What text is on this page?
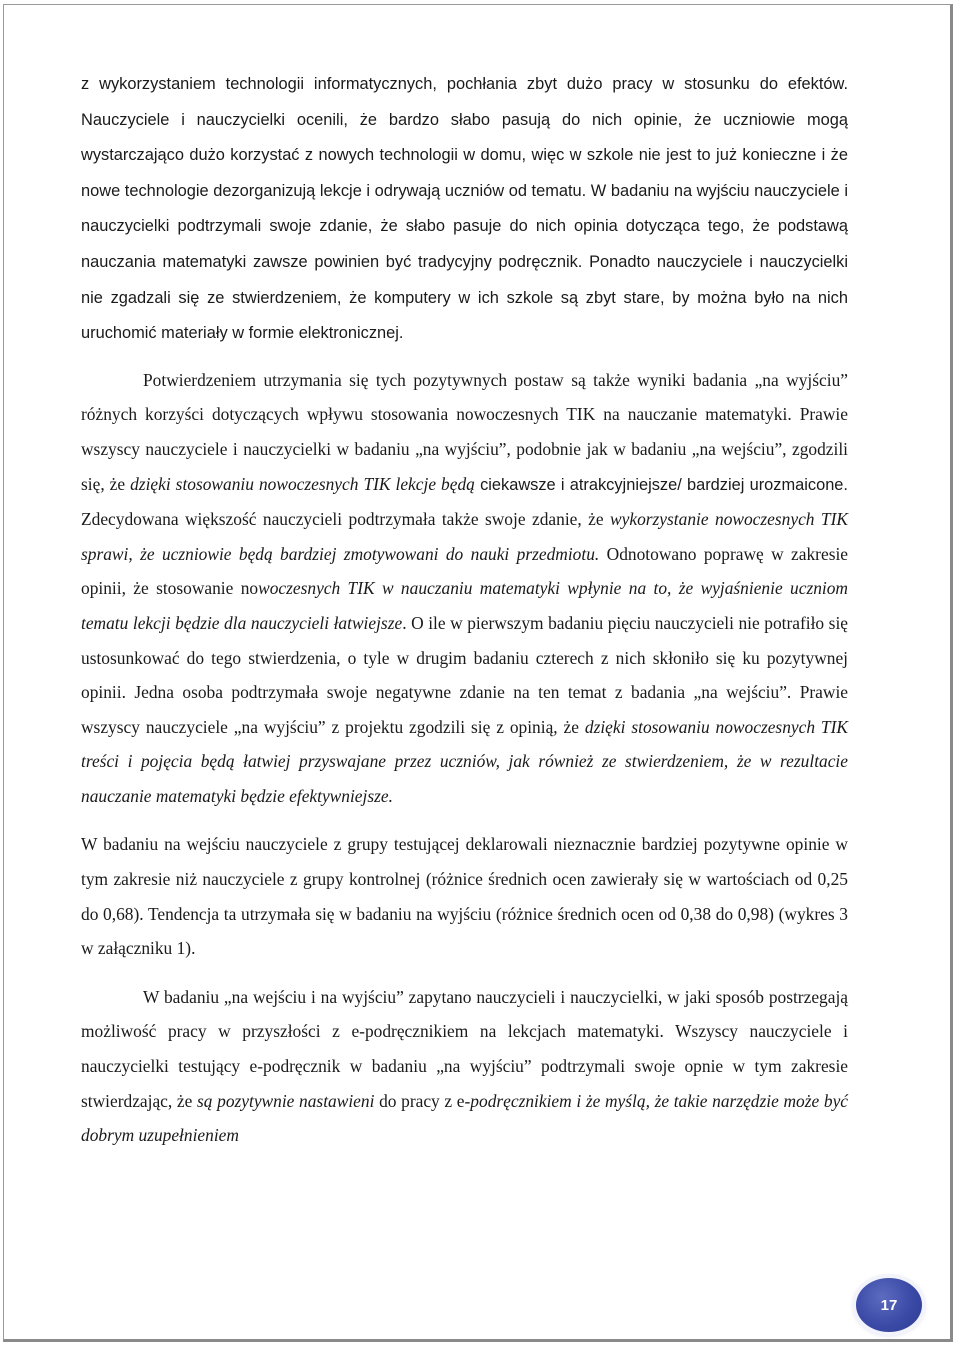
z wykorzystaniem technologii informatycznych, pochłania zbyt dużo pracy w stosunku do efektów. Nauczyciele i nauczycielki ocenili, że bardzo słabo pasują do nich opinie, że uczniowie mogą wystarczająco dużo korzystać z nowych technologii w domu, więc w szkole nie jest to już konieczne i że nowe technologie dezorganizują lekcje i odrywają uczniów od tematu. W badaniu na wyjściu nauczyciele i nauczycielki podtrzymali swoje zdanie, że słabo pasuje do nich opinia dotycząca tego, że podstawą nauczania matematyki zawsze powinien być tradycyjny podręcznik. Ponadto nauczyciele i nauczycielki nie zgadzali się ze stwierdzeniem, że komputery w ich szkole są zbyt stare, by można było na nich uruchomić materiały w formie elektronicznej.

Potwierdzeniem utrzymania się tych pozytywnych postaw są także wyniki badania „na wyjściu” różnych korzyści dotyczących wpływu stosowania nowoczesnych TIK na nauczanie matematyki. Prawie wszyscy nauczyciele i nauczycielki w badaniu „na wyjściu”, podobnie jak w badaniu „na wejściu”, zgodzili się, że dzięki stosowaniu nowoczesnych TIK lekcje będą ciekawsze i atrakcyjniejsze/ bardziej urozmaicone. Zdecydowana większość nauczycieli podtrzymała także swoje zdanie, że wykorzystanie nowoczesnych TIK sprawi, że uczniowie będą bardziej zmotywowani do nauki przedmiotu. Odnotowano poprawę w zakresie opinii, że stosowanie nowoczesnych TIK w nauczaniu matematyki wpłynie na to, że wyjaśnienie uczniom tematu lekcji będzie dla nauczycieli łatwiejsze. O ile w pierwszym badaniu pięciu nauczycieli nie potrafiło się ustosunkować do tego stwierdzenia, o tyle w drugim badaniu czterech z nich skłoniło się ku pozytywnej opinii. Jedna osoba podtrzymała swoje negatywne zdanie na ten temat z badania „na wejściu”. Prawie wszyscy nauczyciele „na wyjściu” z projektu zgodzili się z opinią, że dzięki stosowaniu nowoczesnych TIK treści i pojęcia będą łatwiej przyswajane przez uczniów, jak również ze stwierdzeniem, że w rezultacie nauczanie matematyki będzie efektywniejsze.

W badaniu na wejściu nauczyciele z grupy testującej deklarowali nieznacznie bardziej pozytywne opinie w tym zakresie niż nauczyciele z grupy kontrolnej (różnice średnich ocen zawierały się w wartościach od 0,25 do 0,68). Tendencja ta utrzymała się w badaniu na wyjściu (różnice średnich ocen od 0,38 do 0,98) (wykres 3 w załączniku 1).

W badaniu „na wejściu i na wyjściu” zapytano nauczycieli i nauczycielki, w jaki sposób postrzegają możliwość pracy w przyszłości z e-podręcznikiem na lekcjach matematyki. Wszyscy nauczyciele i nauczycielki testujący e-podręcznik w badaniu „na wyjściu” podtrzymali swoje opnie w tym zakresie stwierdzając, że są pozytywnie nastawieni do pracy z e-podręcznikiem i że myślą, że takie narzędzie może być dobrym uzupełnieniem

17
